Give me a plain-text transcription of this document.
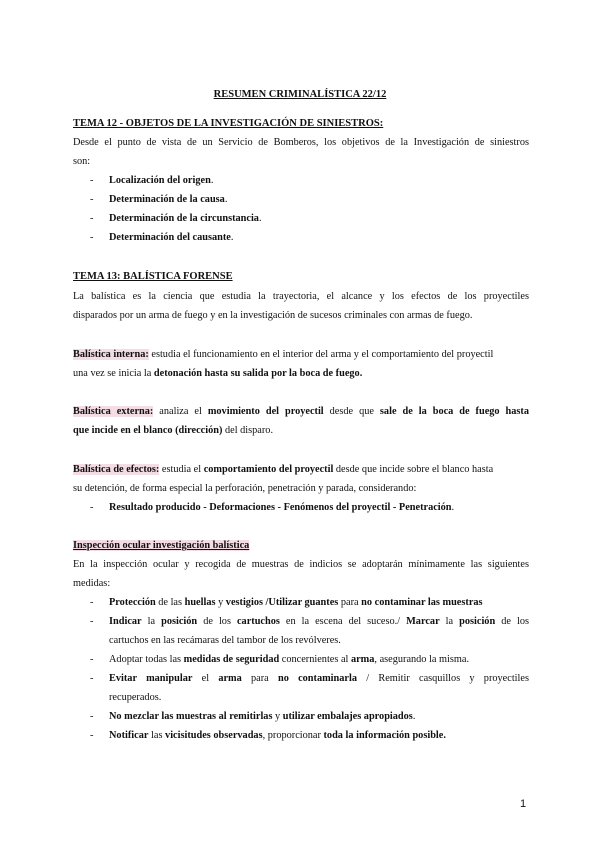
RESUMEN CRIMINALÍSTICA 22/12
TEMA 12 - OBJETOS DE LA INVESTIGACIÓN DE SINIESTROS:
Desde el punto de vista de un Servicio de Bomberos, los objetivos de la Investigación de siniestros
son:
- Localización del origen.
- Determinación de la causa.
- Determinación de la circunstancia.
- Determinación del causante.
TEMA 13: BALÍSTICA FORENSE
La balística es la ciencia que estudia la trayectoria, el alcance y los efectos de los proyectiles
disparados por un arma de fuego y en la investigación de sucesos criminales con armas de fuego.
Balística interna: estudia el funcionamiento en el interior del arma y el comportamiento del proyectil
una vez se inicia la detonación hasta su salida por la boca de fuego.
Balística externa: analiza el movimiento del proyectil desde que sale de la boca de fuego hasta
que incide en el blanco (dirección) del disparo.
Balística de efectos: estudia el comportamiento del proyectil desde que incide sobre el blanco hasta
su detención, de forma especial la perforación, penetración y parada, considerando:
- Resultado producido - Deformaciones - Fenómenos del proyectil - Penetración.
Inspección ocular investigación balística
En la inspección ocular y recogida de muestras de indicios se adoptarán mínimamente las siguientes
medidas:
- Protección de las huellas y vestigios /Utilizar guantes para no contaminar las muestras
- Indicar la posición de los cartuchos en la escena del suceso./ Marcar la posición de los
cartuchos en las recámaras del tambor de los revólveres.
- Adoptar todas las medidas de seguridad concernientes al arma, asegurando la misma.
- Evitar manipular el arma para no contaminarla / Remitir casquillos y proyectiles
recuperados.
- No mezclar las muestras al remitirlas y utilizar embalajes apropiados.
- Notificar las vicisitudes observadas, proporcionar toda la información posible.
1
